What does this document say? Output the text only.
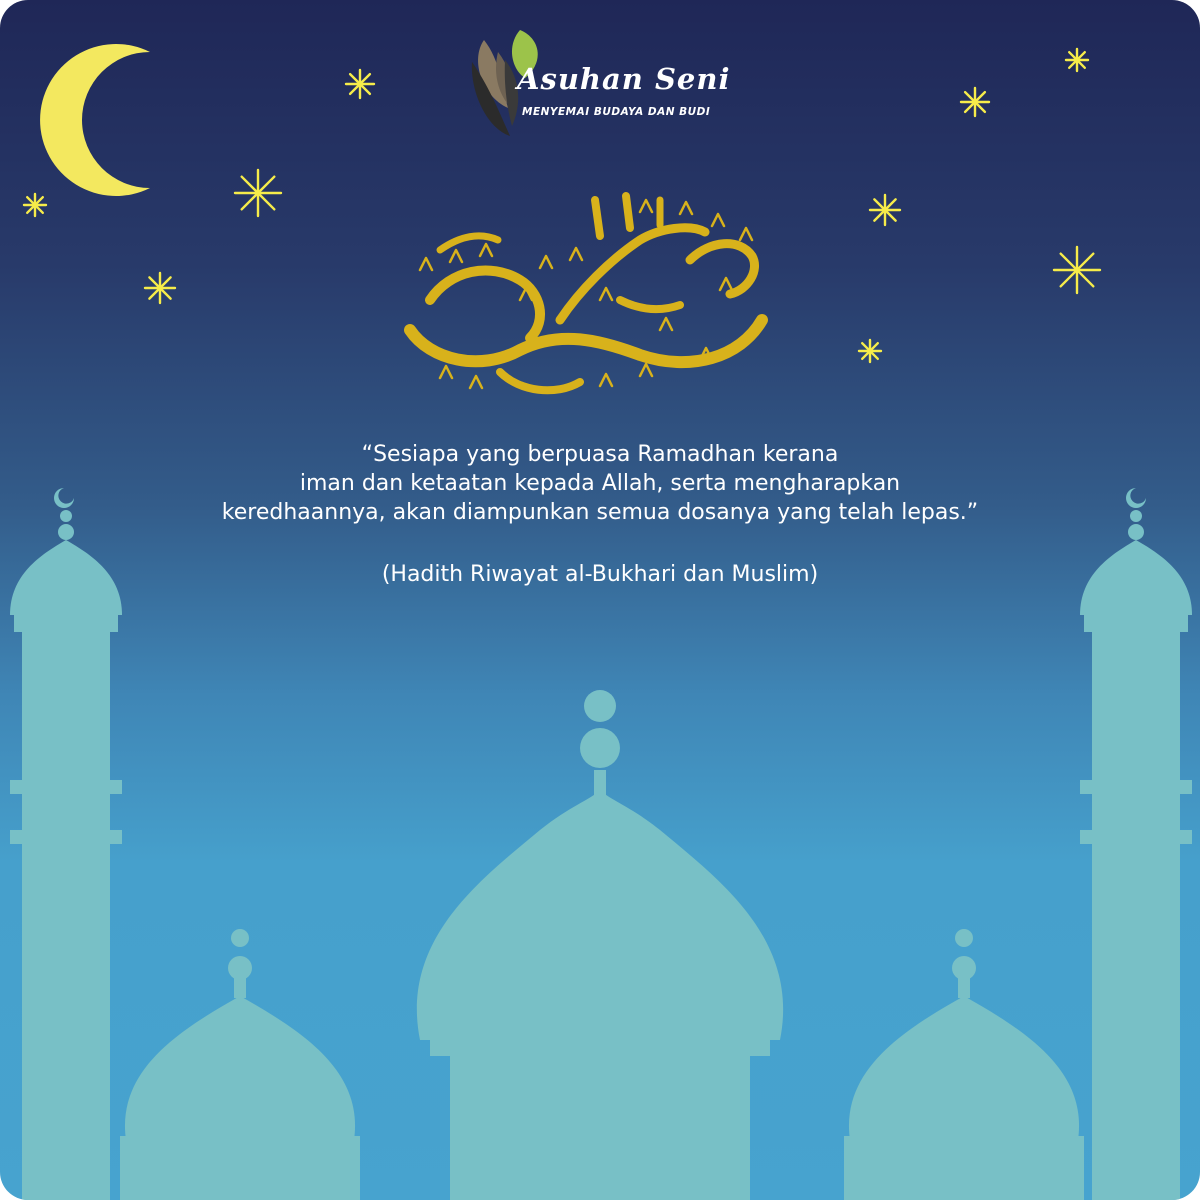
Asuhan Seni
MENYEMAI BUDAYA DAN BUDI
“Sesiapa yang berpuasa Ramadhan kerana
iman dan ketaatan kepada Allah, serta mengharapkan
keredhaannya, akan diampunkan semua dosanya yang telah lepas.”
(Hadith Riwayat al-Bukhari dan Muslim)
